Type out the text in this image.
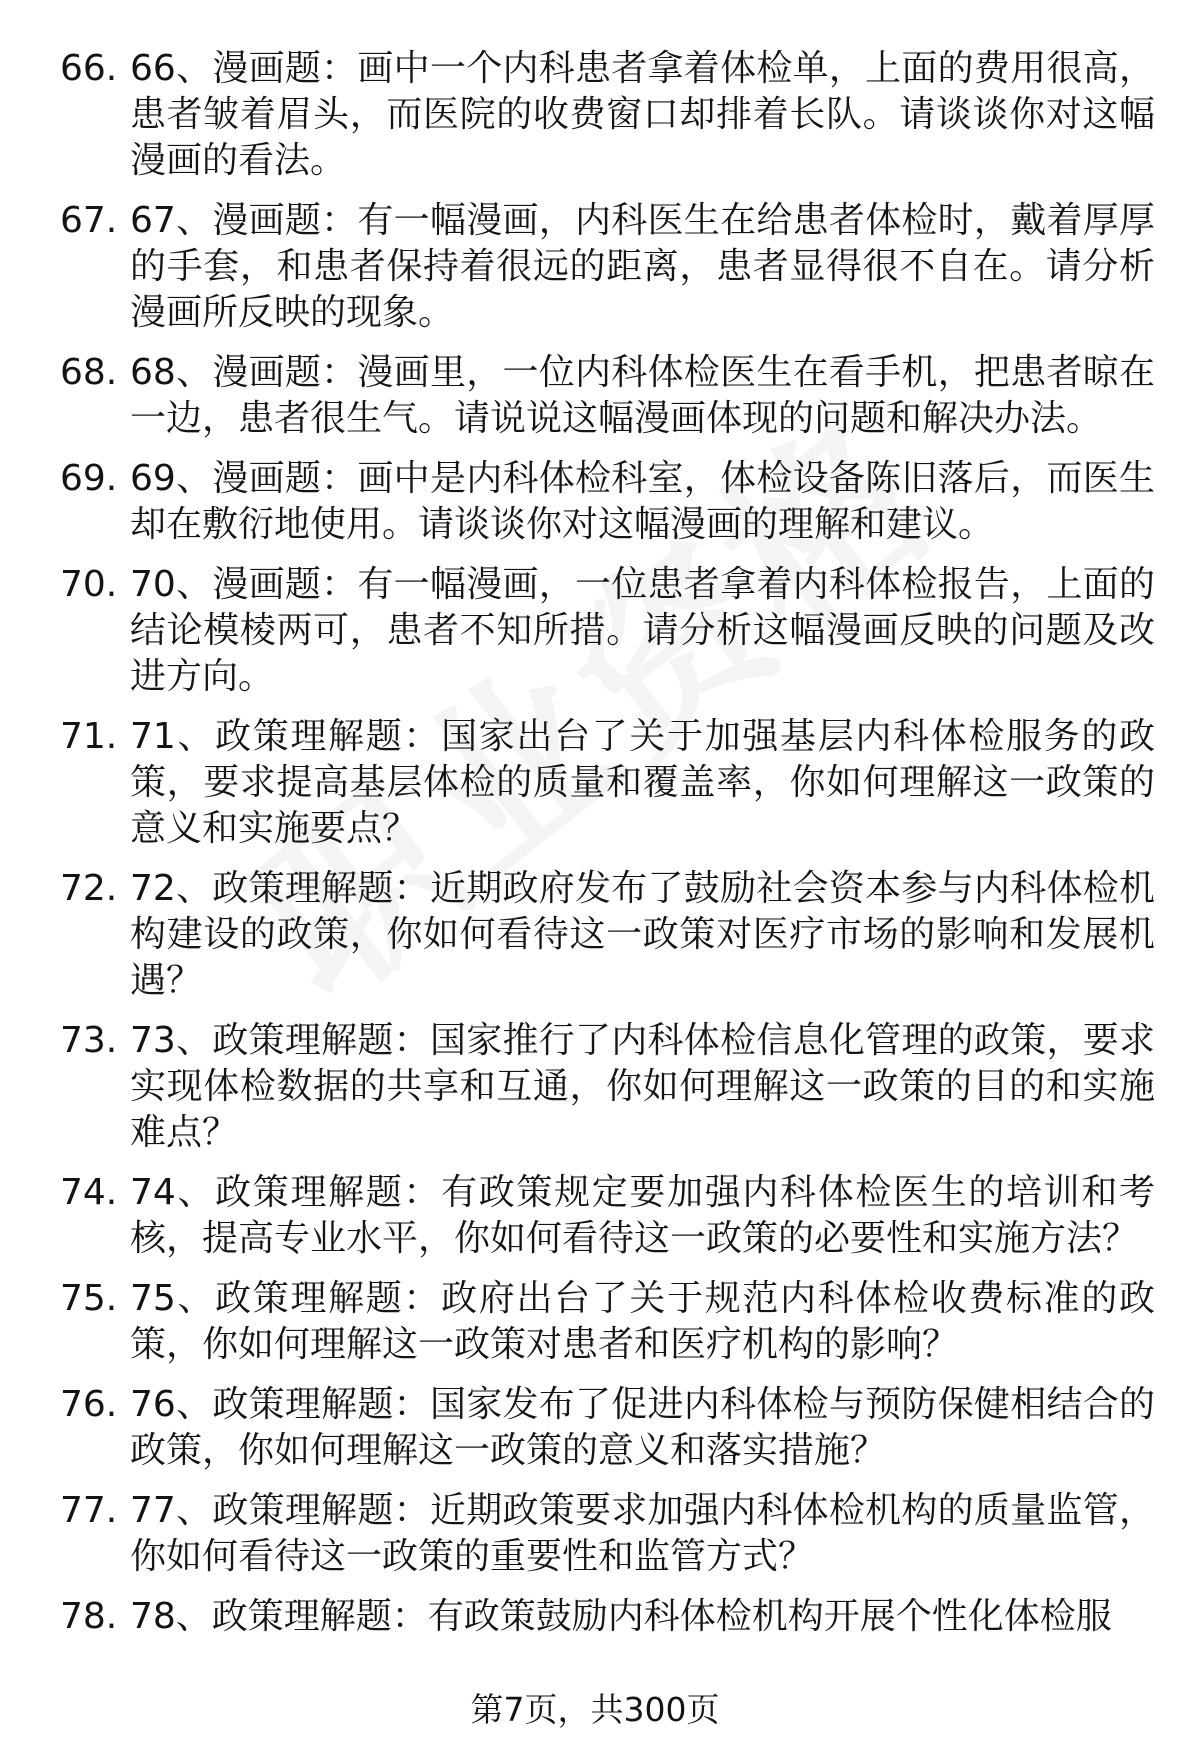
66. 66、漫画题：画中一个内科患者拿着体检单，上面的费用很高，患者皱着眉头，而医院的收费窗口却排着长队。请谈谈你对这幅漫画的看法。
67. 67、漫画题：有一幅漫画，内科医生在给患者体检时，戴着厚厚的手套，和患者保持着很远的距离，患者显得很不自在。请分析漫画所反映的现象。
68. 68、漫画题：漫画里，一位内科体检医生在看手机，把患者晾在一边，患者很生气。请说说这幅漫画体现的问题和解决办法。
69. 69、漫画题：画中是内科体检科室，体检设备陈旧落后，而医生却在敷衍地使用。请谈谈你对这幅漫画的理解和建议。
70. 70、漫画题：有一幅漫画，一位患者拿着内科体检报告，上面的结论模棱两可，患者不知所措。请分析这幅漫画反映的问题及改进方向。
71. 71、政策理解题：国家出台了关于加强基层内科体检服务的政策，要求提高基层体检的质量和覆盖率，你如何理解这一政策的意义和实施要点？
72. 72、政策理解题：近期政府发布了鼓励社会资本参与内科体检机构建设的政策，你如何看待这一政策对医疗市场的影响和发展机遇？
73. 73、政策理解题：国家推行了内科体检信息化管理的政策，要求实现体检数据的共享和互通，你如何理解这一政策的目的和实施难点？
74. 74、政策理解题：有政策规定要加强内科体检医生的培训和考核，提高专业水平，你如何看待这一政策的必要性和实施方法？
75. 75、政策理解题：政府出台了关于规范内科体检收费标准的政策，你如何理解这一政策对患者和医疗机构的影响？
76. 76、政策理解题：国家发布了促进内科体检与预防保健相结合的政策，你如何理解这一政策的意义和落实措施？
77. 77、政策理解题：近期政策要求加强内科体检机构的质量监管，你如何看待这一政策的重要性和监管方式？
78. 78、政策理解题：有政策鼓励内科体检机构开展个性化体检服
第7页，共300页
